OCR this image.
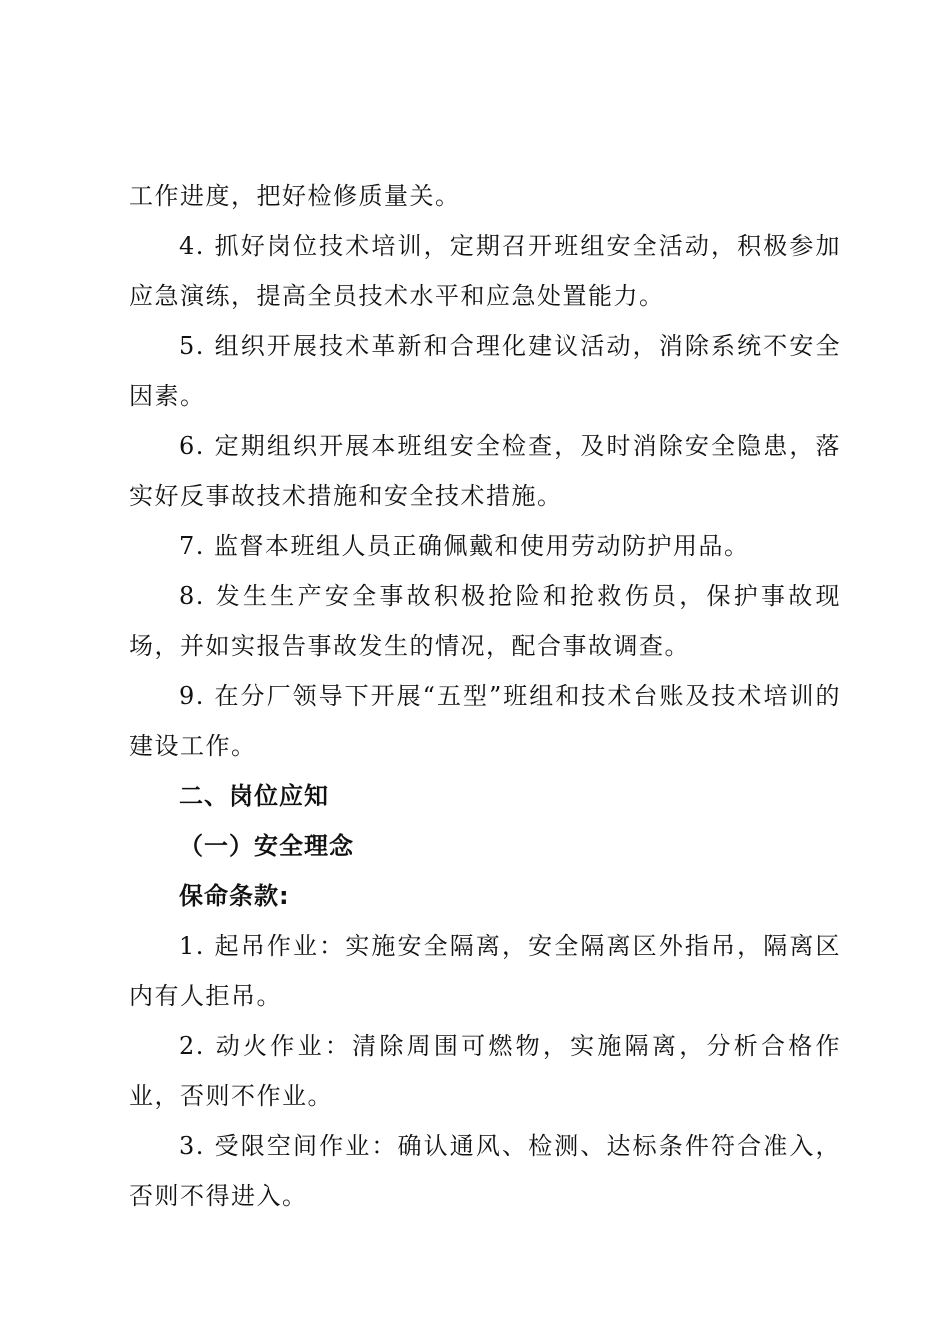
工作进度，把好检修质量关。

4. 抓好岗位技术培训，定期召开班组安全活动，积极参加应急演练，提高全员技术水平和应急处置能力。

5. 组织开展技术革新和合理化建议活动，消除系统不安全因素。

6. 定期组织开展本班组安全检查，及时消除安全隐患，落实好反事故技术措施和安全技术措施。

7. 监督本班组人员正确佩戴和使用劳动防护用品。

8. 发生生产安全事故积极抢险和抢救伤员，保护事故现场，并如实报告事故发生的情况，配合事故调查。

9. 在分厂领导下开展“五型”班组和技术台账及技术培训的建设工作。

二、岗位应知

（一）安全理念

保命条款:

1. 起吊作业：实施安全隔离，安全隔离区外指吊，隔离区内有人拒吊。

2. 动火作业：清除周围可燃物，实施隔离，分析合格作业，否则不作业。

3. 受限空间作业：确认通风、检测、达标条件符合准入，否则不得进入。
